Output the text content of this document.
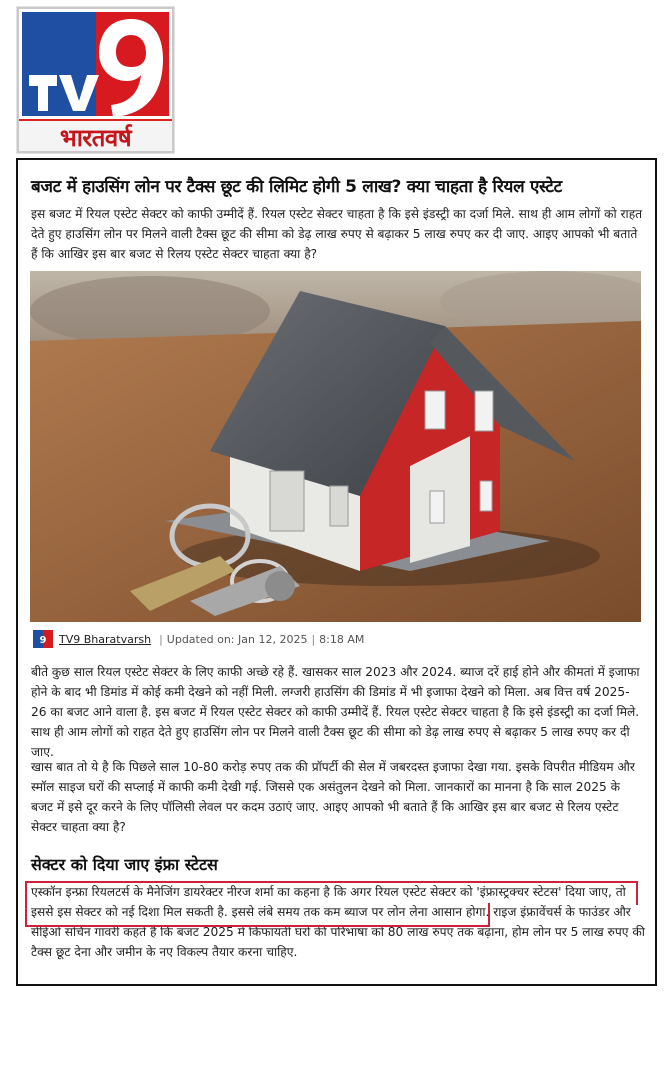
भारतवर्ष
बजट में हाउसिंग लोन पर टैक्स छूट की लिमिट होगी 5 लाख? क्या चाहता है रियल एस्टेट

इस बजट में रियल एस्टेट सेक्टर को काफी उम्मीदें हैं. रियल एस्टेट सेक्टर चाहता है कि इसे इंडस्ट्री का दर्जा मिले. साथ ही आम लोगों को राहत देते हुए हाउसिंग लोन पर मिलने वाली टैक्स छूट की सीमा को डेढ़ लाख रुपए से बढ़ाकर 5 लाख रुपए कर दी जाए. आइए आपको भी बताते हैं कि आखिर इस बार बजट से रिलय एस्टेट सेक्टर चाहता क्या है?

9 TV9 Bharatvarsh | Updated on: Jan 12, 2025 | 8:18 AM

बीते कुछ साल रियल एस्टेट सेक्टर के लिए काफी अच्छे रहे हैं. खासकर साल 2023 और 2024. ब्याज दरें हाई होने और कीमतां में इजाफा होने के बाद भी डिमांड में कोई कमी देखने को नहीं मिली. लग्जरी हाउसिंग की डिमांड में भी इजाफा देखने को मिला. अब वित्त वर्ष 2025-26 का बजट आने वाला है. इस बजट में रियल एस्टेट सेक्टर को काफी उम्मीदें हैं. रियल एस्टेट सेक्टर चाहता है कि इसे इंडस्ट्री का दर्जा मिले. साथ ही आम लोगों को राहत देते हुए हाउसिंग लोन पर मिलने वाली टैक्स छूट की सीमा को डेढ़ लाख रुपए से बढ़ाकर 5 लाख रुपए कर दी जाए.

खास बात तो ये है कि पिछले साल 10-80 करोड़ रुपए तक की प्रॉपर्टी की सेल में जबरदस्त इजाफा देखा गया. इसके विपरीत मीडियम और स्मॉल साइज घरों की सप्लाई में काफी कमी देखी गई. जिससे एक असंतुलन देखने को मिला. जानकारों का मानना है कि साल 2025 के बजट में इसे दूर करने के लिए पॉलिसी लेवल पर कदम उठाएं जाए. आइए आपको भी बताते हैं कि आखिर इस बार बजट से रिलय एस्टेट सेक्टर चाहता क्या है?

सेक्टर को दिया जाए इंफ्रा स्टेटस

एस्कॉन इन्फ्रा रियलटर्स के मैनेजिंग डायरेक्टर नीरज शर्मा का कहना है कि अगर रियल एस्टेट सेक्टर को 'इंफ्रास्ट्रक्चर स्टेटस' दिया जाए, तो इससे इस सेक्टर को नई दिशा मिल सकती है. इससे लंबे समय तक कम ब्याज पर लोन लेना आसान होगा. राइज इंफ्रावेंचर्स के फाउंडर और सीईओ सचिन गावरी कहते हैं कि बजट 2025 में किफायती घरों की परिभाषा को 80 लाख रुपए तक बढ़ाना, होम लोन पर 5 लाख रुपए की टैक्स छूट देना और जमीन के नए विकल्प तैयार करना चाहिए.
